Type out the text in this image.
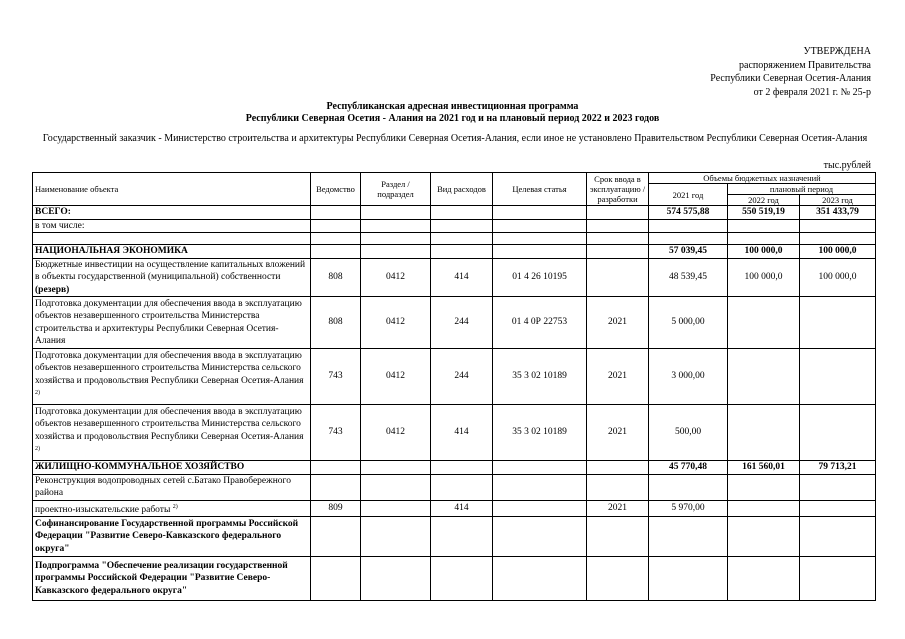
УТВЕРЖДЕНА
распоряжением Правительства
Республики Северная Осетия-Алания
от 2 февраля 2021 г. № 25-р
Республиканская адресная инвестиционная программа
Республики Северная Осетия - Алания на 2021 год и на плановый период 2022 и 2023 годов
Государственный заказчик - Министерство строительства и архитектуры Республики Северная Осетия-Алания, если иное не установлено Правительством Республики Северная Осетия-Алания
тыс.рублей
Наименование объекта	Ведомство	Раздел / подраздел	Вид расходов	Целевая статья	Срок ввода в эксплуатацию / разработки	Объемы бюджетных назначений		
						2021 год	плановый период	
							2022 год	2023 год
ВСЕГО:						574 575,88	550 519,19	351 433,79
в том числе:								

НАЦИОНАЛЬНАЯ ЭКОНОМИКА						57 039,45	100 000,0	100 000,0
Бюджетные инвестиции на осуществление капитальных вложений в объекты государственной (муниципальной) собственности (резерв)	808	0412	414	01 4 26 10195		48 539,45	100 000,0	100 000,0
Подготовка документации для обеспечения ввода в эксплуатацию объектов незавершенного строительства Министерства строительства и архитектуры Республики Северная Осетия-Алания	808	0412	244	01 4 0Р 22753	2021	5 000,00		
Подготовка документации для обеспечения ввода в эксплуатацию объектов незавершенного строительства Министерства сельского хозяйства и продовольствия Республики Северная Осетия-Алания $^{2)}$	743	0412	244	35 3 02 10189	2021	3 000,00		
Подготовка документации для обеспечения ввода в эксплуатацию объектов незавершенного строительства Министерства сельского хозяйства и продовольствия Республики Северная Осетия-Алания $^{2)}$	743	0412	414	35 3 02 10189	2021	500,00		
ЖИЛИЩНО-КОММУНАЛЬНОЕ ХОЗЯЙСТВО						45 770,48	161 560,01	79 713,21
Реконструкция водопроводных сетей с.Батако Правобережного района								
проектно-изыскательские работы $^{2)}$	809		414		2021	5 970,00		
Софинансирование Государственной программы Российской Федерации "Развитие Северо-Кавказского федерального округа"								
Подпрограмма "Обеспечение реализации государственной программы Российской Федерации "Развитие Северо-Кавказского федерального округа"								
